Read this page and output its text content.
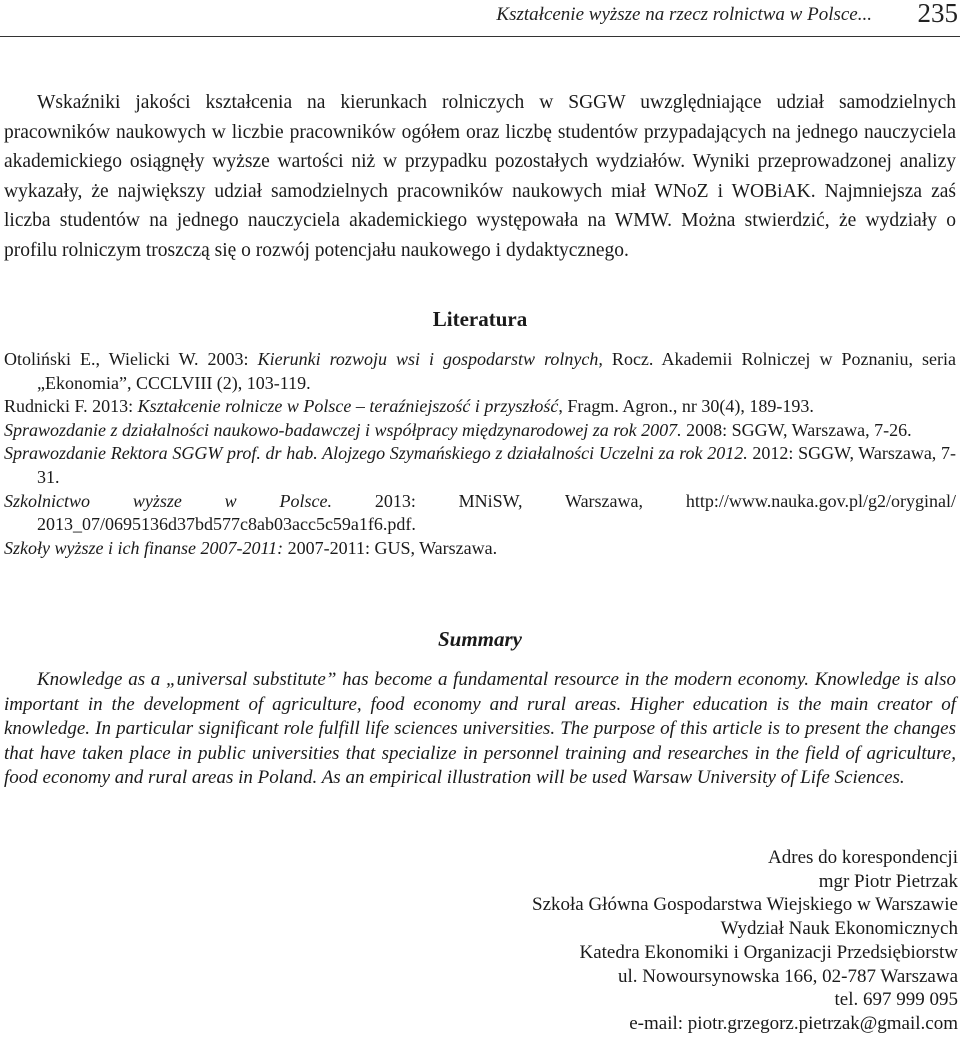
Kształcenie wyższe na rzecz rolnictwa w Polsce... 235

Wskaźniki jakości kształcenia na kierunkach rolniczych w SGGW uwzględniające udział samodzielnych pracowników naukowych w liczbie pracowników ogółem oraz liczbę studentów przypadających na jednego nauczyciela akademickiego osiągnęły wyższe wartości niż w przypadku pozostałych wydziałów. Wyniki przeprowadzonej analizy wykazały, że największy udział samodzielnych pracowników naukowych miał WNoZ i WOBiAK. Najmniejsza zaś liczba studentów na jednego nauczyciela akademickiego występowała na WMW. Można stwierdzić, że wydziały o profilu rolniczym troszczą się o rozwój potencjału naukowego i dydaktycznego.

Literatura
Otoliński E., Wielicki W. 2003: Kierunki rozwoju wsi i gospodarstw rolnych, Rocz. Akademii Rolniczej w Poznaniu, seria „Ekonomia”, CCCLVIII (2), 103-119.
Rudnicki F. 2013: Kształcenie rolnicze w Polsce – teraźniejszość i przyszłość, Fragm. Agron., nr 30(4), 189-193.
Sprawozdanie z działalności naukowo-badawczej i współpracy międzynarodowej za rok 2007. 2008: SGGW, Warszawa, 7-26.
Sprawozdanie Rektora SGGW prof. dr hab. Alojzego Szymańskiego z działalności Uczelni za rok 2012. 2012: SGGW, Warszawa, 7-31.
Szkolnictwo wyższe w Polsce. 2013: MNiSW, Warszawa, http://www.nauka.gov.pl/g2/oryginal/ 2013_07/0695136d37bd577c8ab03acc5c59a1f6.pdf.
Szkoły wyższe i ich finanse 2007-2011: 2007-2011: GUS, Warszawa.
Summary

Knowledge as a „universal substitute” has become a fundamental resource in the modern economy. Knowledge is also important in the development of agriculture, food economy and rural areas. Higher education is the main creator of knowledge. In particular significant role fulfill life sciences universities. The purpose of this article is to present the changes that have taken place in public universities that specialize in personnel training and researches in the field of agriculture, food economy and rural areas in Poland. As an empirical illustration will be used Warsaw University of Life Sciences.

Adres do korespondencji
mgr Piotr Pietrzak
Szkoła Główna Gospodarstwa Wiejskiego w Warszawie
Wydział Nauk Ekonomicznych
Katedra Ekonomiki i Organizacji Przedsiębiorstw
ul. Nowoursynowska 166, 02-787 Warszawa
tel. 697 999 095
e-mail: piotr.grzegorz.pietrzak@gmail.com
